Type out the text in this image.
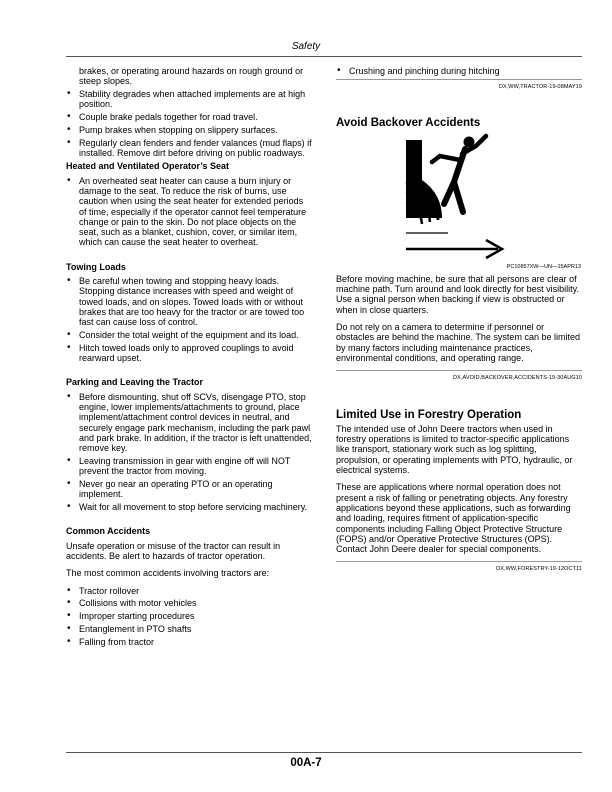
Safety
brakes, or operating around hazards on rough ground or steep slopes.
• Stability degrades when attached implements are at high position.
• Couple brake pedals together for road travel.
• Pump brakes when stopping on slippery surfaces.
• Regularly clean fenders and fender valances (mud flaps) if installed. Remove dirt before driving on public roadways.
Heated and Ventilated Operator’s Seat
• An overheated seat heater can cause a burn injury or damage to the seat. To reduce the risk of burns, use caution when using the seat heater for extended periods of time, especially if the operator cannot feel temperature change or pain to the skin. Do not place objects on the seat, such as a blanket, cushion, cover, or similar item, which can cause the seat heater to overheat.
Towing Loads
• Be careful when towing and stopping heavy loads. Stopping distance increases with speed and weight of towed loads, and on slopes. Towed loads with or without brakes that are too heavy for the tractor or are towed too fast can cause loss of control.
• Consider the total weight of the equipment and its load.
• Hitch towed loads only to approved couplings to avoid rearward upset.
Parking and Leaving the Tractor
• Before dismounting, shut off SCVs, disengage PTO, stop engine, lower implements/attachments to ground, place implement/attachment control devices in neutral, and securely engage park mechanism, including the park pawl and park brake. In addition, if the tractor is left unattended, remove key.
• Leaving transmission in gear with engine off will NOT prevent the tractor from moving.
• Never go near an operating PTO or an operating implement.
• Wait for all movement to stop before servicing machinery.
Common Accidents

Unsafe operation or misuse of the tractor can result in accidents. Be alert to hazards of tractor operation.

The most common accidents involving tractors are:

• Tractor rollover
• Collisions with motor vehicles
• Improper starting procedures
• Entanglement in PTO shafts
• Falling from tractor
• Crushing and pinching during hitching
DX,WW,TRACTOR-19-08MAY19
Avoid Backover Accidents
PC10857XW—UN—15APR13

Before moving machine, be sure that all persons are clear of machine path. Turn around and look directly for best visibility. Use a signal person when backing if view is obstructed or when in close quarters.

Do not rely on a camera to determine if personnel or obstacles are behind the machine. The system can be limited by many factors including maintenance practices, environmental conditions, and operating range.

DX,AVOID,BACKOVER,ACCIDENTS-19-30AUG10
Limited Use in Forestry Operation

The intended use of John Deere tractors when used in forestry operations is limited to tractor-specific applications like transport, stationary work such as log splitting, propulsion, or operating implements with PTO, hydraulic, or electrical systems.

These are applications where normal operation does not present a risk of falling or penetrating objects. Any forestry applications beyond these applications, such as forwarding and loading, requires fitment of application-specific components including Falling Object Protective Structure (FOPS) and/or Operative Protective Structures (OPS). Contact John Deere dealer for special components.

DX,WW,FORESTRY-19-12OCT11
00A-7
